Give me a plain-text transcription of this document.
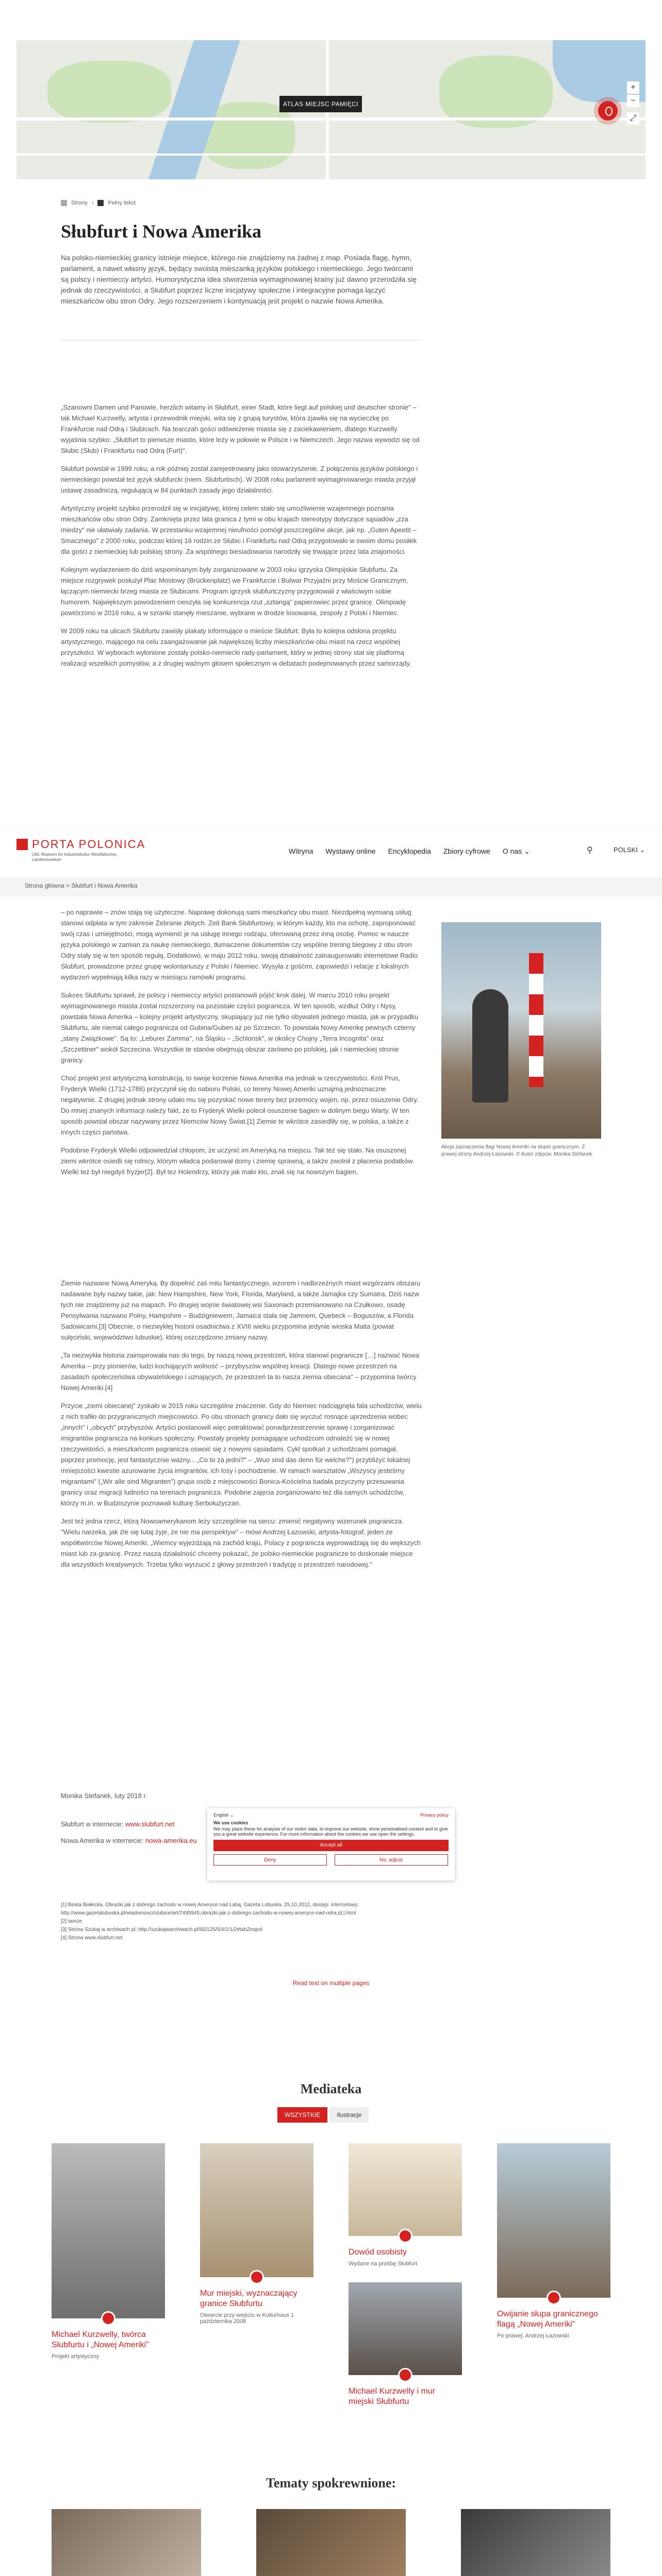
ATLAS MIEJSC PAMIĘCI
+
−
⤢
Strony ›	Pełny tekst
Słubfurt i Nowa Amerika
Na polsko-niemieckiej granicy istnieje miejsce, którego nie znajdziemy na żadnej z map. Posiada flagę, hymn, parlament, a nawet własny język, będący swoistą mieszanką języków polskiego i niemieckiego. Jego twórcami są polscy i niemieccy artyści. Humorystyczna idea stworzenia wyimaginowanej krainy już dawno przerodziła się jednak do rzeczywistości, a Słubfurt poprzez liczne inicjatywy społeczne i integracyjne pomaga łączyć mieszkańców obu stron Odry. Jego rozszerzeniem i kontynuacją jest projekt o nazwie Nowa Amerika.

„Szanowni Damen und Panowie, herzlich witamy in Słubfurt, einer Stadt, które liegt auf polskiej und deutscher stronie" – tak Michael Kurzwelly, artysta i przewodnik miejski, wita się z grupą turystów, która zjawiła się na wycieczkę po Frankfurcie nad Odrą i Słubicach. Na tearczah gości odświeżenie miasta się z zaciekawieniem, dlatego Kurzwelly wyjaśnia szybko: „Słubfurt to pierwsze miasto, które leży w połowie w Polsce i w Niemczech. Jego nazwa wywodzi się od Słubic (Słub) i Frankfurtu nad Odrą (Furt)".

Słubfurt powstał w 1999 roku, a rok później został zarejestrowany jako stowarzyszenie. Z połączenia języków polskiego i niemieckiego powstał też język słubfurcki (niem. Slubfurtisch). W 2008 roku parlament wyimaginowanego miasta przyjął ustawę zasadniczą, regulującą w 84 punktach zasady jego działalności.

Artystyczny projekt szybko przerodził się w inicjatywę, której celem stało się umożliwienie wzajemnego poznania mieszkańców obu stron Odry. Zamknięta przez lata granica z tymi w obu krajach stereotypy dotyczące sąsiadów „zza miedzy" nie ułatwiały zadania. W przestanku wzajemnej nieufności pomógł poszczególne akcje, jak np. „Guten Apeetit – Smacznego" z 2000 roku, podczas której 16 rodzin ze Słubic i Frankfurtu nad Odrą przygotowało w swoim domu posiłek dla gości z niemieckiej lub polskiej strony. Za wspólnego biesiadowania narodziły się trwające przez lata znajomości.

Kolejnym wydarzeniem do dziś wspominanym były zorganizowane w 2003 roku igrzyska Olimpijskie Słubfurtu. Za miejsce rozgrywek posłużył Plac Mostowy (Brückenplatz) we Frankfurcie i Bulwar Przyjaźni przy Moście Granicznym, łączącym niemiecki brzeg miasta ze Słubicami. Program igrzysk słubfurtczyzny przygotowali z właściwym sobie humorem. Największym powodzeniem cieszyła się konkurencja rzut „sztangą" papierowiec przez granicę. Olimpiadę powtórzono w 2016 roku, a w szranki stanęły mieszanie, wybrane w drodze losowania, zespoły z Polski i Niemiec.

W 2009 roku na ulicach Słubfurtu zawisły plakaty informujące o mieście Słubfurt. Była to kolejna odsłona projektu artystycznego, mającego na celu zaangażowanie jak największej liczby mieszkańców obu miast na rzecz wspólnej przyszłości. W wyborach wyłonione zostały polsko-niemiecki rady-parlament, który w jednej strony stał się platformą realizacji wszelkich pomysłów, a z drugiej ważnym głosem społecznym w debatach podejmowanych przez samorządy.

PORTA POLONICA
LWL Museum für Industriekultur Westfälisches Landesmuseum
Witryna Wystawy online Encyklopedia Zbiory cyfrowe O nas ⌄	⚲	POLSKI ⌄
Strona główna > Słubfurt i Nowa Amerika

– po naprawie – znów stają się użyteczne. Naprawę dokonują sami mieszkańcy obu miast. Niezdpełną wymianą usług stanowi odpłata w tym zakresie Zebranie złotych. Zeit Bank Słubfurtowy, w którym każdy, kto ma ochotę, zaproponować swój czas i umiejętności, mogą wymienić je na usługę innego rodzaju, oferowaną przez inną osobę. Pomoc w naucze języka polskiego w zamian za naukę niemieckiego, tłumaczenie dokumentów czy wspólne trening biegowy z obu stron Odry stały się w ten sposób regułą. Dodatkowo, w maju 2012 roku, swoją działalność zainaugurowało internetowe Radio Słubfurt, prowadzone przez grupę wolontariuszy z Polski i Niemiec. Wysyła z gośćmi, zapowiedzi i relacje z lokalnych wydarzeń wypełniają kilka razy w miesiącu ramówki programu.

Sukces Słubfurtu sprawił, że polscy i niemieccy artyści postanowili pójść krok dalej. W marcu 2010 roku projekt wyimaginowanego miasta został rozszerzony na pozostałe części pogranicza. W ten sposób, wzdłuż Odry i Nysy, powstała Nowa Amerika – kolejny projekt artystyczny, skupiający już nie tylko obywateli jednego miasta, jak w przypadku Słubfurtu, ale niemal całego pogranicza od Gubina/Guben aż po Szczecin. To powstała Nowy Amerikę pewnych czterny „stany Związkowe". Są to: „Leburer Zamma", na Śląsku – „Schlonsk", w okolicy Chojny „Terra Incognita" oraz „Szczettiner" wokół Szczecina. Wszystkie te stanów obejmują obszar zarówno po polskiej, jak i niemieckiej stronie granicy.

Choć projekt jest artystyczną konstrukcją, to swoje korzenie Nowa Amerika ma jednak w rzeczywistości. Król Prus, Fryderyk Wielki (1712-1786) przyczynił się do nabioru Polski, co tereny Nowej Ameriki uznajmą jednoznaczne negatywnie. Z drugiej jednak strony udało mu się pozyskać nowe tereny bez przemocy wojen, np. przez osuszenie Odry. Do mniej znanych informacji należy fakt, że to Fryderyk Wielki polecił osuszenie bagien w dolinym biegu Warty. W ten sposób powstał obszar nazywany przez Niemców Nowy Świat.[1] Ziemie te wkrótce zasiedliły się, w polska, a także z innych części państwa.

Podobnie Fryderyk Wielki odpowiedział chłopom, że uczynić im Ameryką na miejscu. Tak też się stało. Na osuszonej ziemi wkrótce osiedli się rolnicy, którym władca podarował domy i ziemię sprawną, a także zwolnił z płacenia podatków. Wielki też był niegdyś fryzjer[2]. Był tez Holendrzy, którzy jak mało kto, znali się na nowszym bagien.

Akcja zaznaczenia flagi Nowej Ameriki na słupie granicznym. Z prawej strony Andrzej Łazowski. © Autor zdjęcia: Monika Stefanek

Ziemie nazwane Nową Ameryką. By dopełnić zaś mitu fantastycznego, wzorem i nadbrzeżnych miast wzgórzami obszaru nadawane były nazwy takie, jak: New Hampshire, New York, Florida, Maryland, a także Jamajka czy Sumatra. Dziś nazw tych nie znajdziemy już na mapach. Po drugiej wojnie światowej wsi Saxonach przemianowano na Czułkowo, osadę Pensylwania nazwano Polny, Hampshire – Budzigniewem, Jamaica stała się Jamnem, Quebeck – Boguszów, a Florida Sadowicami.[3] Obecnie, o niezwykłej historii osadnictwa z XVIII wieku przypomina jedynie wioska Malta (powiat sulęciński, województwo lubuskie), której oszczędzono zmiany nazwy.

„Ta niezwykła historia zainspirowała nas do tego, by naszą nową przestrzeń, która stanowi pogranicze […] nazwać Nowa Amerika – przy pionierów, ludzi kochających wolność – przybyszów wspólnej kreacji. Dlatego nowe przestrzeń na zasadach społeczeństwa obywatelskiego i uznających, że przestrzeń ta to nasza ziemia obiecana" – przypomina twórcy Nowej Ameriki.[4]

Przycie „ziemi obiecanej" zyskało w 2015 roku szczególne znaczenie. Gdy do Niemiec nadciągnęła fala uchodźców, wielu z nich trafiło do przygranicznych miejscowości. Po obu stronach granicy dało się wyczuć rosnące uprzedzenia wobec „innych" i „obcych" przybyszów. Artyści postanowili więc potraktować ponadprzestrzennie sprawę i zorganizować imigrantów pogranicza na konkurs społeczny. Powstały projekty pomagające uchodźcom odnaleźć się w nowej rzeczywistości, a mieszkańcom pogranicza oswoić się z nowymi sąsiadami. Cykl spotkań z uchodźcami pomagał, poprzez promocję, jest fantastycznie ważny... „Co to za jedni?" – „Wuo sind das denn für welche?") przybliżyć lokalnej mniejszości kwestie azurowanie życia imigrantów, ich losy i pochodzenie. W ramach warsztatów „Wszyscy jesteśmy migrantami" („Wir alle sind Migranten") grupa osób z miejscowości Bonica-Kościelna badała przyczyny przesuwania granicy oraz migracji ludności na terenach pogranicza. Podobne zajęcia zorganizowano też dla samych uchodźców, którzy m.in. w Budziszynie poznawali kulturę Serbołużyczan.

Jest też jedna rzecz, którą Nowoamerykanom leży szczególnie na sercu: zmienić negatywny wizerunek pogranicza. "Wielu narzeka, jak źle się tutaj żyje, że nie ma perspektyw" – mówi Andrzej Łazowski, artysta-fotograf, jeden ze współtwórców Nowej Ameriki. „Wiemcy wyjeżdżają na zachód kraju, Polacy z pogranicza wyprowadzają się do większych miast lub za granicę. Przez naszą działalność chcemy pokazać, że polsko-niemieckie pogranicze to doskonałe miejsce dla wszystkich kreatywnych. Trzeba tylko wyrzucić z głowy przestrzeń i tradycję o przestrzeń narodowej."

Monika Stefanek, luty 2018 r.
Słubfurt w internecie: www.slubfurt.net
Nowa Amerika w internecie: nowa-amerika.eu
[1] Beata Białecka, Obrazki jak z dobrego zachodu w nowej Ameryce nad Łabą, Gazeta Lubuska, 25.10.2012, dostęp: internetowy: http://www.gazetalubuska.pl/wiadomosci/slubice/art/7495945,obrazki-jak-z-dobrego-zachodu-w-nowej-ameryce-nad-odra,id,t.html
[2] tamże
[3] Strona Szukaj w archiwach pl: http://szukajwarchiwach.pl/66/125/0/4/1/1/2#tabZespol
[4] Strona www.slubfurt.net
Read text on multiple pages
English ⌄	Privacy policy
We use cookies
We may place these for analysis of our visitor data, to improve our website, show personalised content and to give you a great website experience. For more information about the cookies we use open the settings.
Accept all
Deny	No, adjust
Mediateka
WSZYSTKIE	Ilustracje
Michael Kurzwelly, twórca Słubfurtu i „Nowej Ameriki"
Projekt artystyczny
Mur miejski, wyznaczający granice Słubfurtu
Otwarcie przy wejściu w Kulturhaus 1 października 2008
Dowód osobisty
Wydane na prośbę Słubfurt
Michael Kurzwelly i mur miejski Słubfurtu
Owijanie słupa granicznego flagą „Nowej Ameriki"
Po prawej: Andrzej Łazowski
Tematy spokrewnione:
